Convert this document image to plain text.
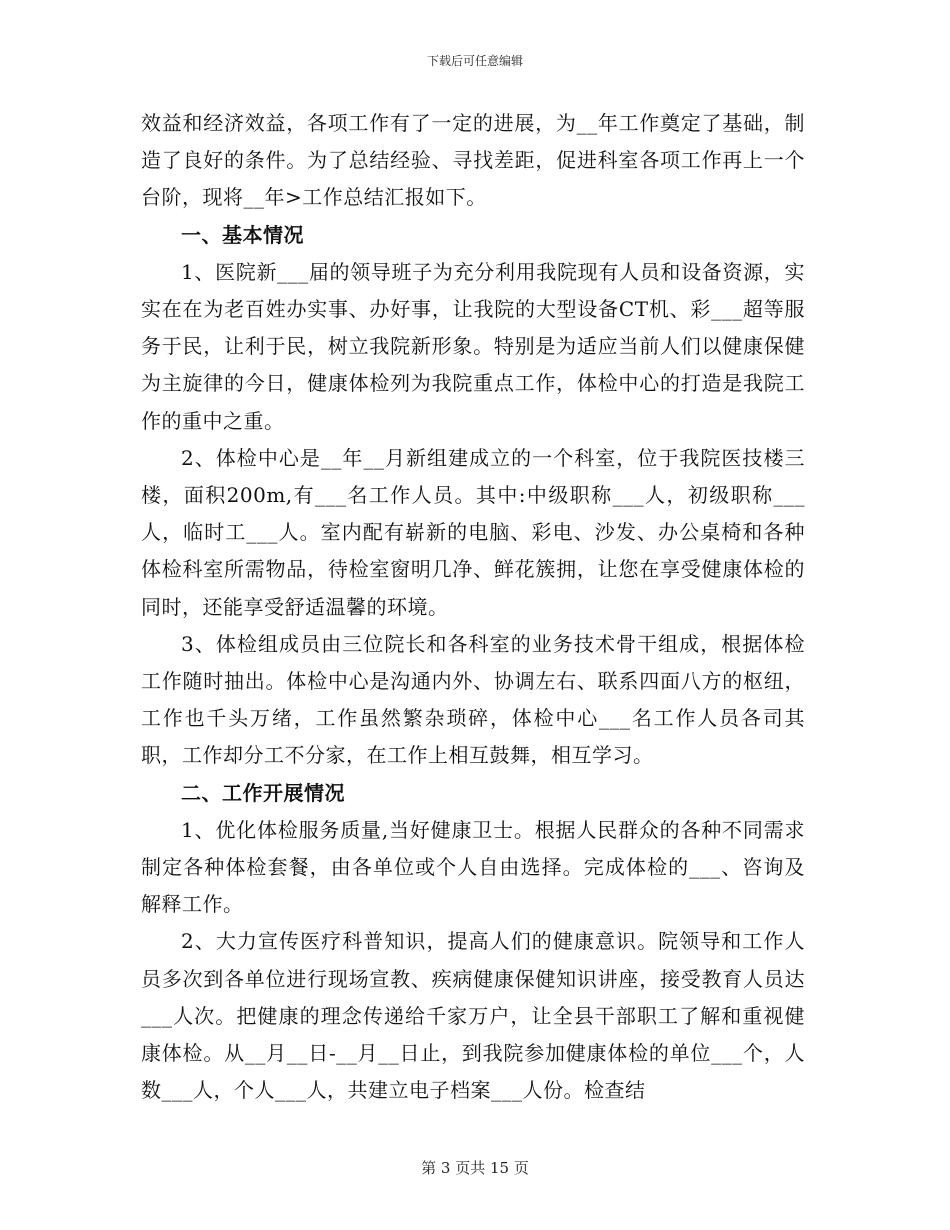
下载后可任意编辑

效益和经济效益，各项工作有了一定的进展，为__年工作奠定了基础，制造了良好的条件。为了总结经验、寻找差距，促进科室各项工作再上一个台阶，现将__年>工作总结汇报如下。

一、基本情况

1、医院新___届的领导班子为充分利用我院现有人员和设备资源，实实在在为老百姓办实事、办好事，让我院的大型设备CT机、彩___超等服务于民，让利于民，树立我院新形象。特别是为适应当前人们以健康保健为主旋律的今日，健康体检列为我院重点工作，体检中心的打造是我院工作的重中之重。

2、体检中心是__年__月新组建成立的一个科室，位于我院医技楼三楼，面积200m,有___名工作人员。其中:中级职称___人，初级职称___人，临时工___人。室内配有崭新的电脑、彩电、沙发、办公桌椅和各种体检科室所需物品，待检室窗明几净、鲜花簇拥，让您在享受健康体检的同时，还能享受舒适温馨的环境。

3、体检组成员由三位院长和各科室的业务技术骨干组成，根据体检工作随时抽出。体检中心是沟通内外、协调左右、联系四面八方的枢纽，工作也千头万绪，工作虽然繁杂琐碎，体检中心___名工作人员各司其职，工作却分工不分家，在工作上相互鼓舞，相互学习。

二、工作开展情况

1、优化体检服务质量,当好健康卫士。根据人民群众的各种不同需求制定各种体检套餐，由各单位或个人自由选择。完成体检的___、咨询及解释工作。

2、大力宣传医疗科普知识，提高人们的健康意识。院领导和工作人员多次到各单位进行现场宣教、疾病健康保健知识讲座，接受教育人员达___人次。把健康的理念传递给千家万户，让全县干部职工了解和重视健康体检。从__月__日-__月__日止，到我院参加健康体检的单位___个，人数___人，个人___人，共建立电子档案___人份。检查结

第 3 页共 15 页
